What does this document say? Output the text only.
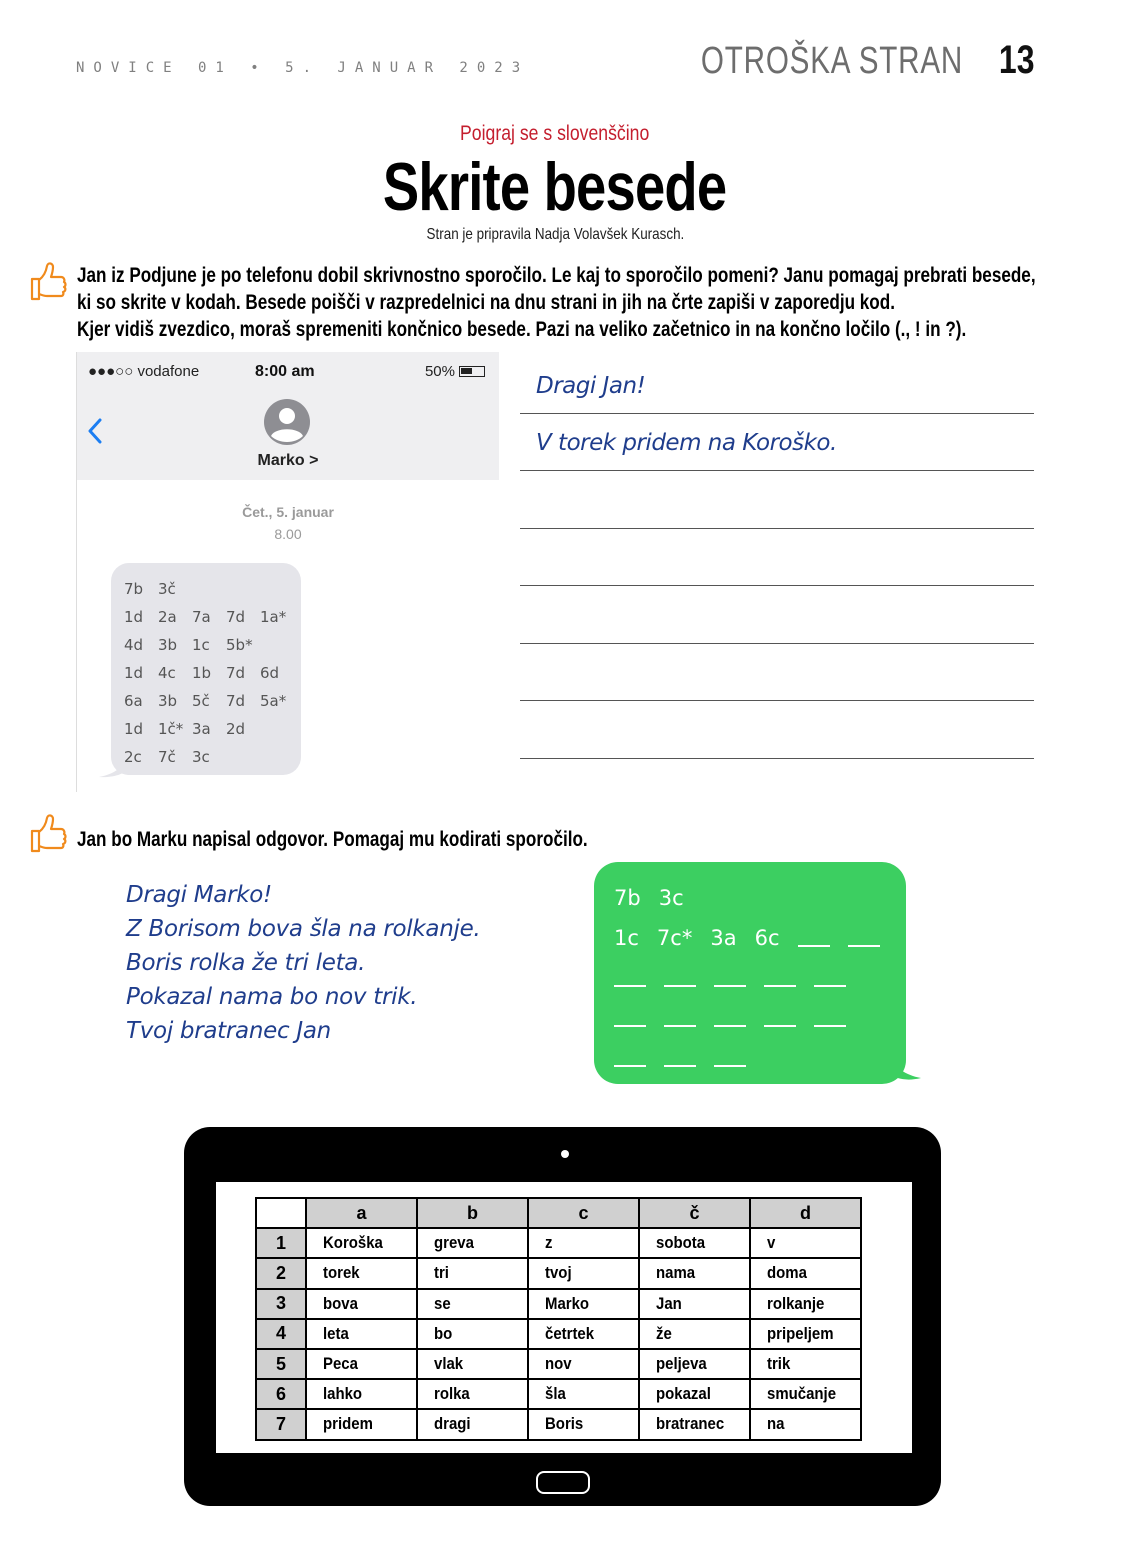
NOVICE 01 • 5. JANUAR 2023	OTROŠKA STRAN 13
Poigraj se s slovenščino
Skrite besede
Stran je pripravila Nadja Volavšek Kurasch.
Jan iz Podjune je po telefonu dobil skrivnostno sporočilo. Le kaj to sporočilo pomeni? Janu pomagaj prebrati besede,
ki so skrite v kodah. Besede poišči v razpredelnici na dnu strani in jih na črte zapiši v zaporedju kod.
Kjer vidiš zvezdico, moraš spremeniti končnico besede. Pazi na veliko začetnico in na končno ločilo (., ! in ?).
●●●○○ vodafone	8:00 am	50%
Marko >
Čet., 5. januar
8.00
7b 3č
1d 2a	7a	7d 1a*
4d 3b 1c	5b*
1d 4c	1b 7d 6d
6a	3b 5č	7d 5a*
1d 1č* 3a	2d
2c	7č	3c
Dragi Jan!
V torek pridem na Koroško.
Jan bo Marku napisal odgovor. Pomagaj mu kodirati sporočilo.
Dragi Marko!
Z Borisom bova šla na rolkanje.
Boris rolka že tri leta.
Pokazal nama bo nov trik.
Tvoj bratranec Jan
7b 3c
1c 7c* 3a 6c
	a	b	c	č	d
1	Koroška	greva	z	sobota	v
2	torek	tri	tvoj	nama	doma
3	bova	se	Marko	Jan	rolkanje
4	leta	bo	četrtek	že	pripeljem
5	Peca	vlak	nov	peljeva	trik
6	lahko	rolka	šla	pokazal	smučanje
7	pridem	dragi	Boris	bratranec	na
